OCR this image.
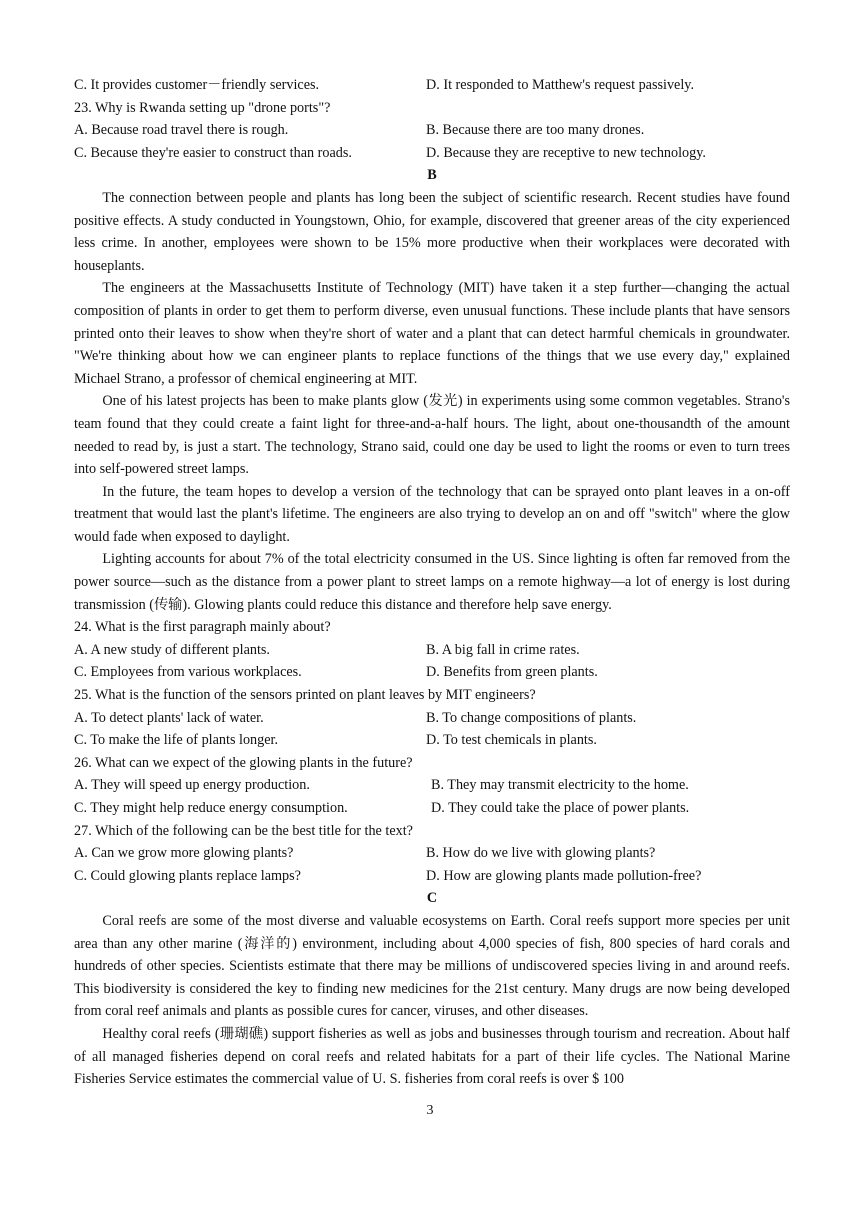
C. It provides customer－friendly services.	D. It responded to Matthew's request passively.
23. Why is Rwanda setting up "drone ports"?
A. Because road travel there is rough.	B. Because there are too many drones.
C. Because they're easier to construct than roads.	D. Because they are receptive to new technology.
B

The connection between people and plants has long been the subject of scientific research. Recent studies have found positive effects. A study conducted in Youngstown, Ohio, for example, discovered that greener areas of the city experienced less crime. In another, employees were shown to be 15% more productive when their workplaces were decorated with houseplants.

The engineers at the Massachusetts Institute of Technology (MIT) have taken it a step further—changing the actual composition of plants in order to get them to perform diverse, even unusual functions. These include plants that have sensors printed onto their leaves to show when they're short of water and a plant that can detect harmful chemicals in groundwater. "We're thinking about how we can engineer plants to replace functions of the things that we use every day," explained Michael Strano, a professor of chemical engineering at MIT.

One of his latest projects has been to make plants glow (发光) in experiments using some common vegetables. Strano's team found that they could create a faint light for three-and-a-half hours. The light, about one-thousandth of the amount needed to read by, is just a start. The technology, Strano said, could one day be used to light the rooms or even to turn trees into self-powered street lamps.

In the future, the team hopes to develop a version of the technology that can be sprayed onto plant leaves in a on-off treatment that would last the plant's lifetime. The engineers are also trying to develop an on and off "switch" where the glow would fade when exposed to daylight.

Lighting accounts for about 7% of the total electricity consumed in the US. Since lighting is often far removed from the power source—such as the distance from a power plant to street lamps on a remote highway—a lot of energy is lost during transmission (传输). Glowing plants could reduce this distance and therefore help save energy.

24. What is the first paragraph mainly about?
A. A new study of different plants.	B. A big fall in crime rates.
C. Employees from various workplaces.	D. Benefits from green plants.
25. What is the function of the sensors printed on plant leaves by MIT engineers?
A. To detect plants' lack of water.	B. To change compositions of plants.
C. To make the life of plants longer.	D. To test chemicals in plants.
26. What can we expect of the glowing plants in the future?
A. They will speed up energy production.	B. They may transmit electricity to the home.
C. They might help reduce energy consumption.	D. They could take the place of power plants.
27. Which of the following can be the best title for the text?
A. Can we grow more glowing plants?	B. How do we live with glowing plants?
C. Could glowing plants replace lamps?	D. How are glowing plants made pollution-free?
C

Coral reefs are some of the most diverse and valuable ecosystems on Earth. Coral reefs support more species per unit area than any other marine (海洋的) environment, including about 4,000 species of fish, 800 species of hard corals and hundreds of other species. Scientists estimate that there may be millions of undiscovered species living in and around reefs. This biodiversity is considered the key to finding new medicines for the 21st century. Many drugs are now being developed from coral reef animals and plants as possible cures for cancer, viruses, and other diseases.

Healthy coral reefs (珊瑚礁) support fisheries as well as jobs and businesses through tourism and recreation. About half of all managed fisheries depend on coral reefs and related habitats for a part of their life cycles. The National Marine Fisheries Service estimates the commercial value of U. S. fisheries from coral reefs is over $ 100

3
